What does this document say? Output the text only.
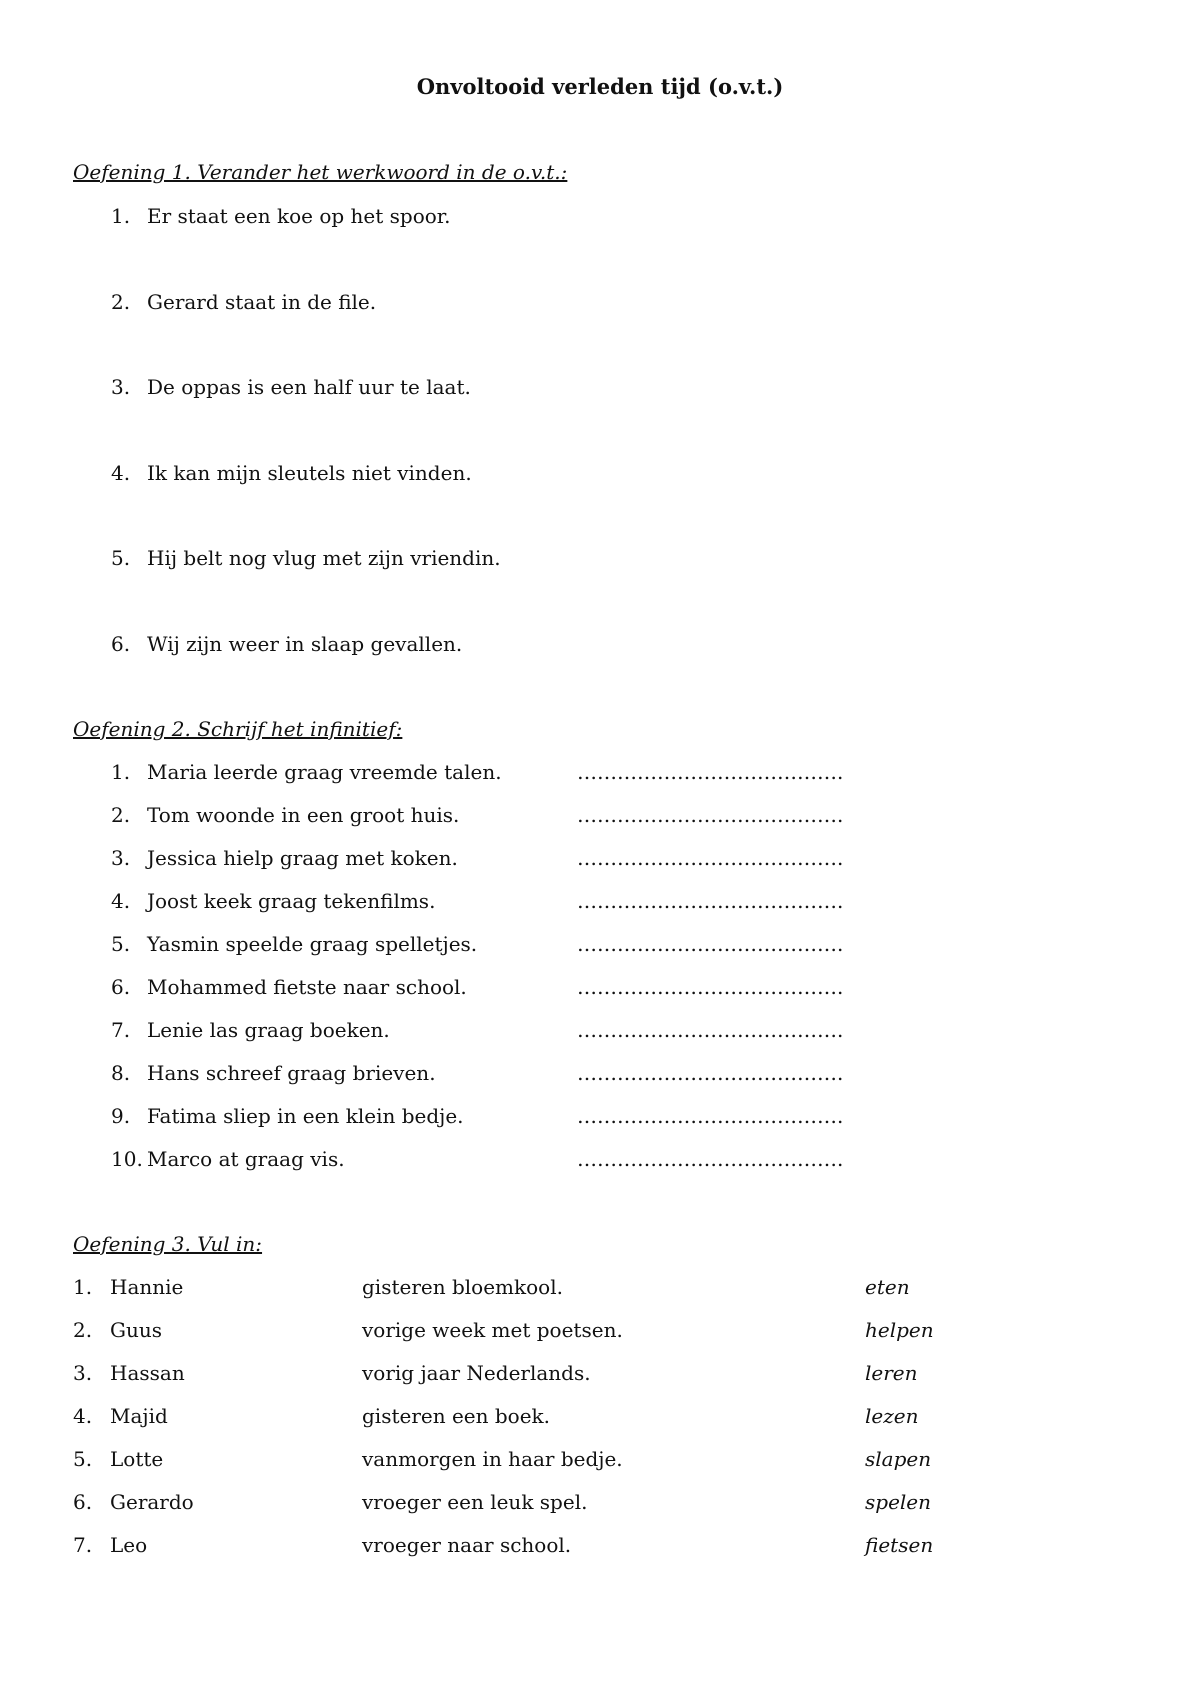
Onvoltooid verleden tijd (o.v.t.)
Oefening 1. Verander het werkwoord in de o.v.t.:
1. Er staat een koe op het spoor.
2. Gerard staat in de file.
3. De oppas is een half uur te laat.
4. Ik kan mijn sleutels niet vinden.
5. Hij belt nog vlug met zijn vriendin.
6. Wij zijn weer in slaap gevallen.
Oefening 2. Schrijf het infinitief:
1. Maria leerde graag vreemde talen.	………………………………….
2. Tom woonde in een groot huis.	………………………………….
3. Jessica hielp graag met koken.	………………………………….
4. Joost keek graag tekenfilms.	………………………………….
5. Yasmin speelde graag spelletjes.	………………………………….
6. Mohammed fietste naar school.	………………………………….
7. Lenie las graag boeken.	………………………………….
8. Hans schreef graag brieven.	………………………………….
9. Fatima sliep in een klein bedje.	………………………………….
10. Marco at graag vis.	………………………………….
Oefening 3. Vul in:
1. Hannie	gisteren bloemkool.	eten
2. Guus	vorige week met poetsen.	helpen
3. Hassan	vorig jaar Nederlands.	leren
4. Majid	gisteren een boek.	lezen
5. Lotte	vanmorgen in haar bedje.	slapen
6. Gerardo	vroeger een leuk spel.	spelen
7. Leo	vroeger naar school.	fietsen
